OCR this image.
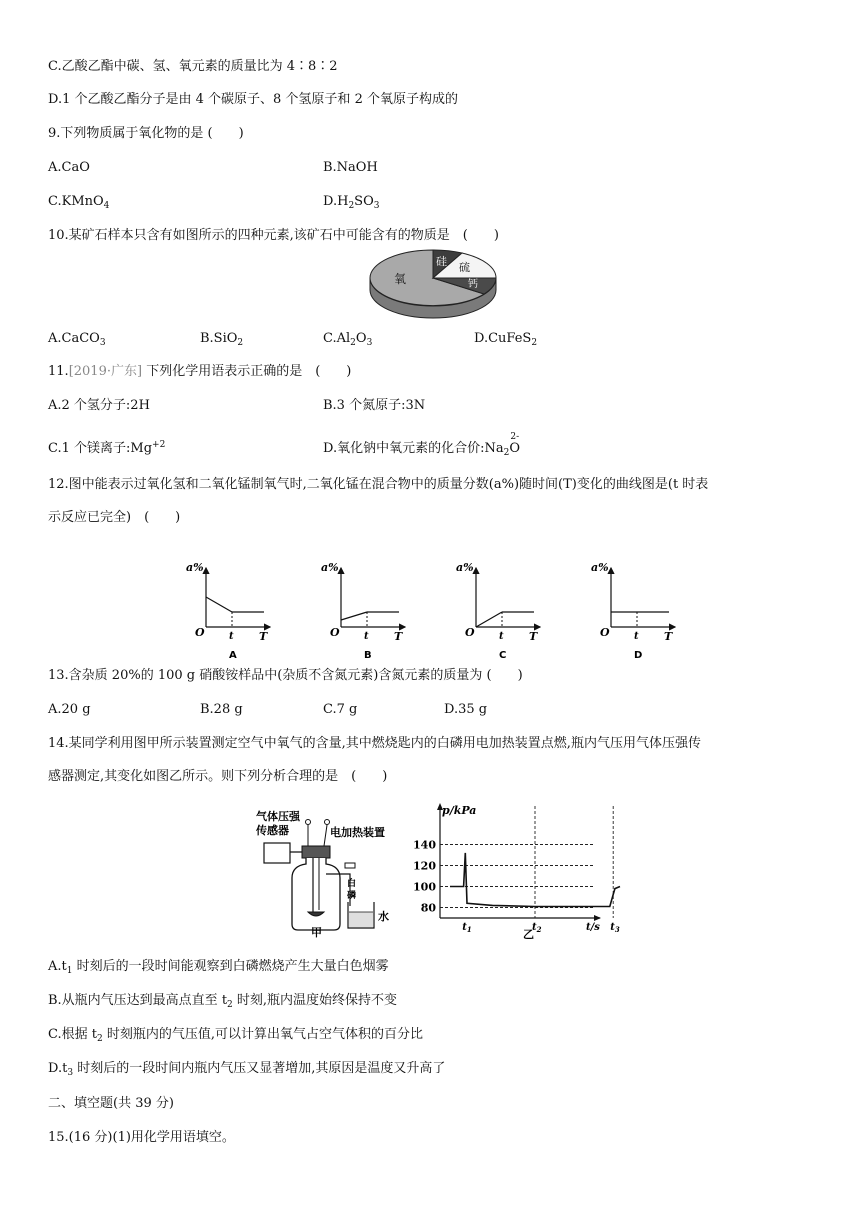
C.乙酸乙酯中碳、氢、氧元素的质量比为 4∶8∶2
D.1 个乙酸乙酯分子是由 4 个碳原子、8 个氢原子和 2 个氧原子构成的
9.下列物质属于氧化物的是 (　　)
A.CaO	B.NaOH
C.KMnO$_4$	$D.H_2SO_3$
10.某矿石样本只含有如图所示的四种元素,该矿石中可能含有的物质是　(　　)
氧
硅 硫
钙
A.CaCO$_3$	B.SiO$_2$	$C.Al_2O_3$	D.CuFeS$_2$
11.[2019·广东] 下列化学用语表示正确的是　(　　)
A.2 个氢分子:2H	B.3 个氮原子:3N
C.1 个镁离子$:Mg^{+2}$	D.氧化钠中氧元素的化合价$:Na_2$
2-
O
12.图中能表示过氧化氢和二氧化锰制氧气时,二氧化锰在混合物中的质量分数(a%)随时间(T)变化的曲线图是(t 时表
示反应已完全)　(　　)
a%
O t T
A
a%
O t T
B
a%
O t T
C
a%
O t T
D
13.含杂质 20%的 100 g 硝酸铵样品中(杂质不含氮元素)含氮元素的质量为 (　　)
A.20 g	B.28 g	C.7 g	D.35 g
14.某同学利用图甲所示装置测定空气中氧气的含量,其中燃烧匙内的白磷用电加热装置点燃,瓶内气压用气体压强传
感器测定,其变化如图乙所示。则下列分析合理的是　(　　)
气体压强
传感器	电加热装置
白
磷
水
甲
p/kPa
t/s
80
100
120
140
$t_1$	$t_2$	$t_3$
乙
$A.t_1$ 时刻后的一段时间能观察到白磷燃烧产生大量白色烟雾
B.从瓶内气压达到最高点直至 $t_2$ 时刻,瓶内温度始终保持不变
C.根据 $t_2$ 时刻瓶内的气压值,可以计算出氧气占空气体积的百分比
$D.t_3$ 时刻后的一段时间内瓶内气压又显著增加,其原因是温度又升高了
二、填空题(共 39 分)
15.(16 分)(1)用化学用语填空。
